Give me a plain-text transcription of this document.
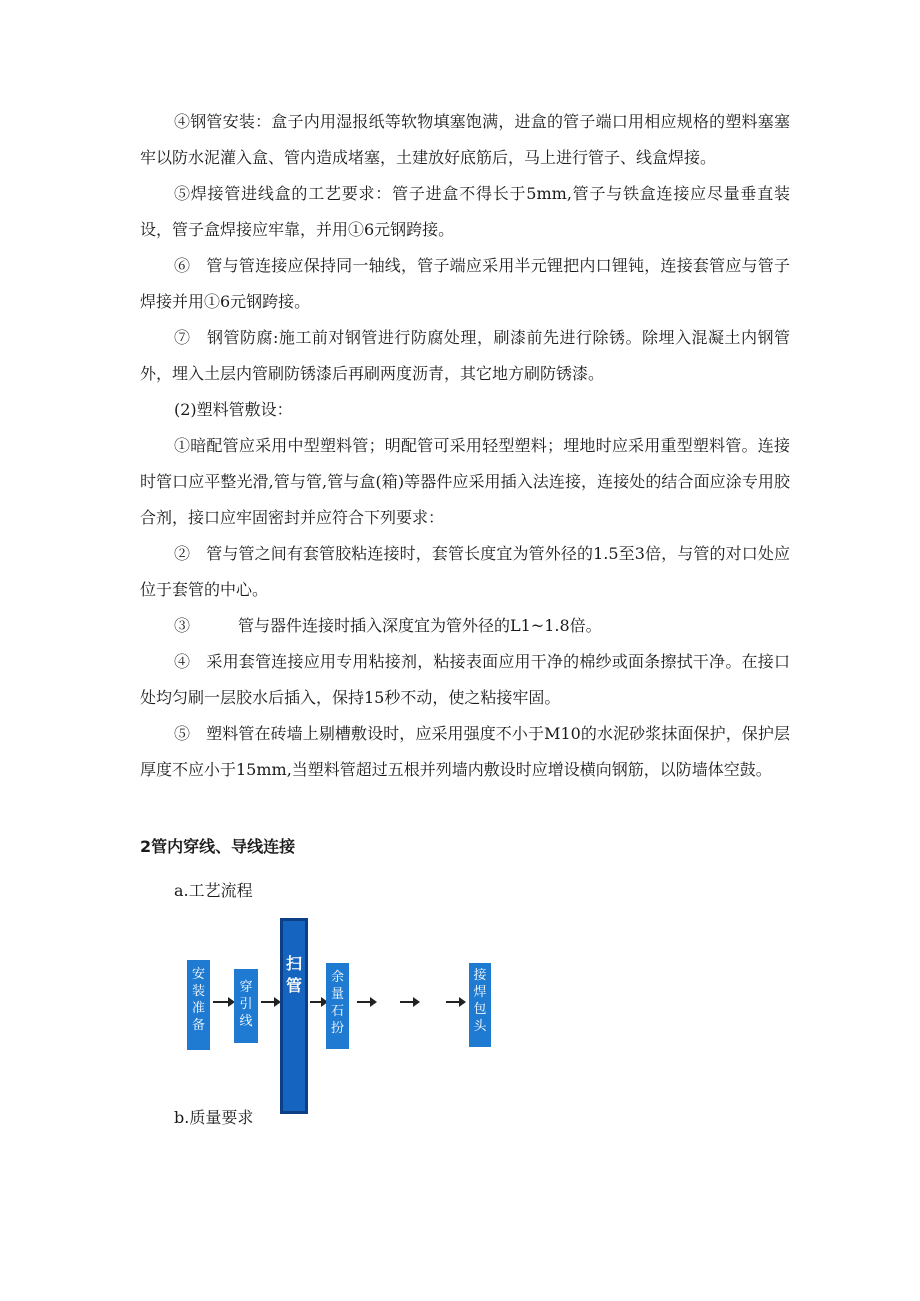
④钢管安装：盒子内用湿报纸等软物填塞饱满，进盒的管子端口用相应规格的塑料塞塞牢以防水泥灌入盒、管内造成堵塞，土建放好底筋后，马上进行管子、线盒焊接。

⑤焊接管进线盒的工艺要求：管子进盒不得长于5mm,管子与铁盒连接应尽量垂直装设，管子盒焊接应牢靠，并用①6元钢跨接。

⑥　管与管连接应保持同一轴线，管子端应采用半元锂把内口锂钝，连接套管应与管子焊接并用①6元钢跨接。

⑦　钢管防腐:施工前对钢管进行防腐处理，刷漆前先进行除锈。除埋入混凝土内钢管外，埋入土层内管刷防锈漆后再刷两度沥青，其它地方刷防锈漆。

(2)塑料管敷设：

①暗配管应采用中型塑料管；明配管可采用轻型塑料；埋地时应采用重型塑料管。连接时管口应平整光滑,管与管,管与盒(箱)等器件应采用插入法连接，连接处的结合面应涂专用胶合剂，接口应牢固密封并应符合下列要求：

②　管与管之间有套管胶粘连接时，套管长度宜为管外径的1.5至3倍，与管的对口处应位于套管的中心。

③　　　管与器件连接时插入深度宜为管外径的L1~1.8倍。

④　采用套管连接应用专用粘接剂，粘接表面应用干净的棉纱或面条擦拭干净。在接口处均匀刷一层胶水后插入，保持15秒不动，使之粘接牢固。

⑤　塑料管在砖墙上剔槽敷设时，应采用强度不小于M10的水泥砂浆抹面保护，保护层厚度不应小于15mm,当塑料管超过五根并列墙内敷设时应增设横向钢筋，以防墙体空鼓。

2管内穿线、导线连接

a.工艺流程

安装准备
穿引线
扫管	余量石扮
接焊包头

b.质量要求
